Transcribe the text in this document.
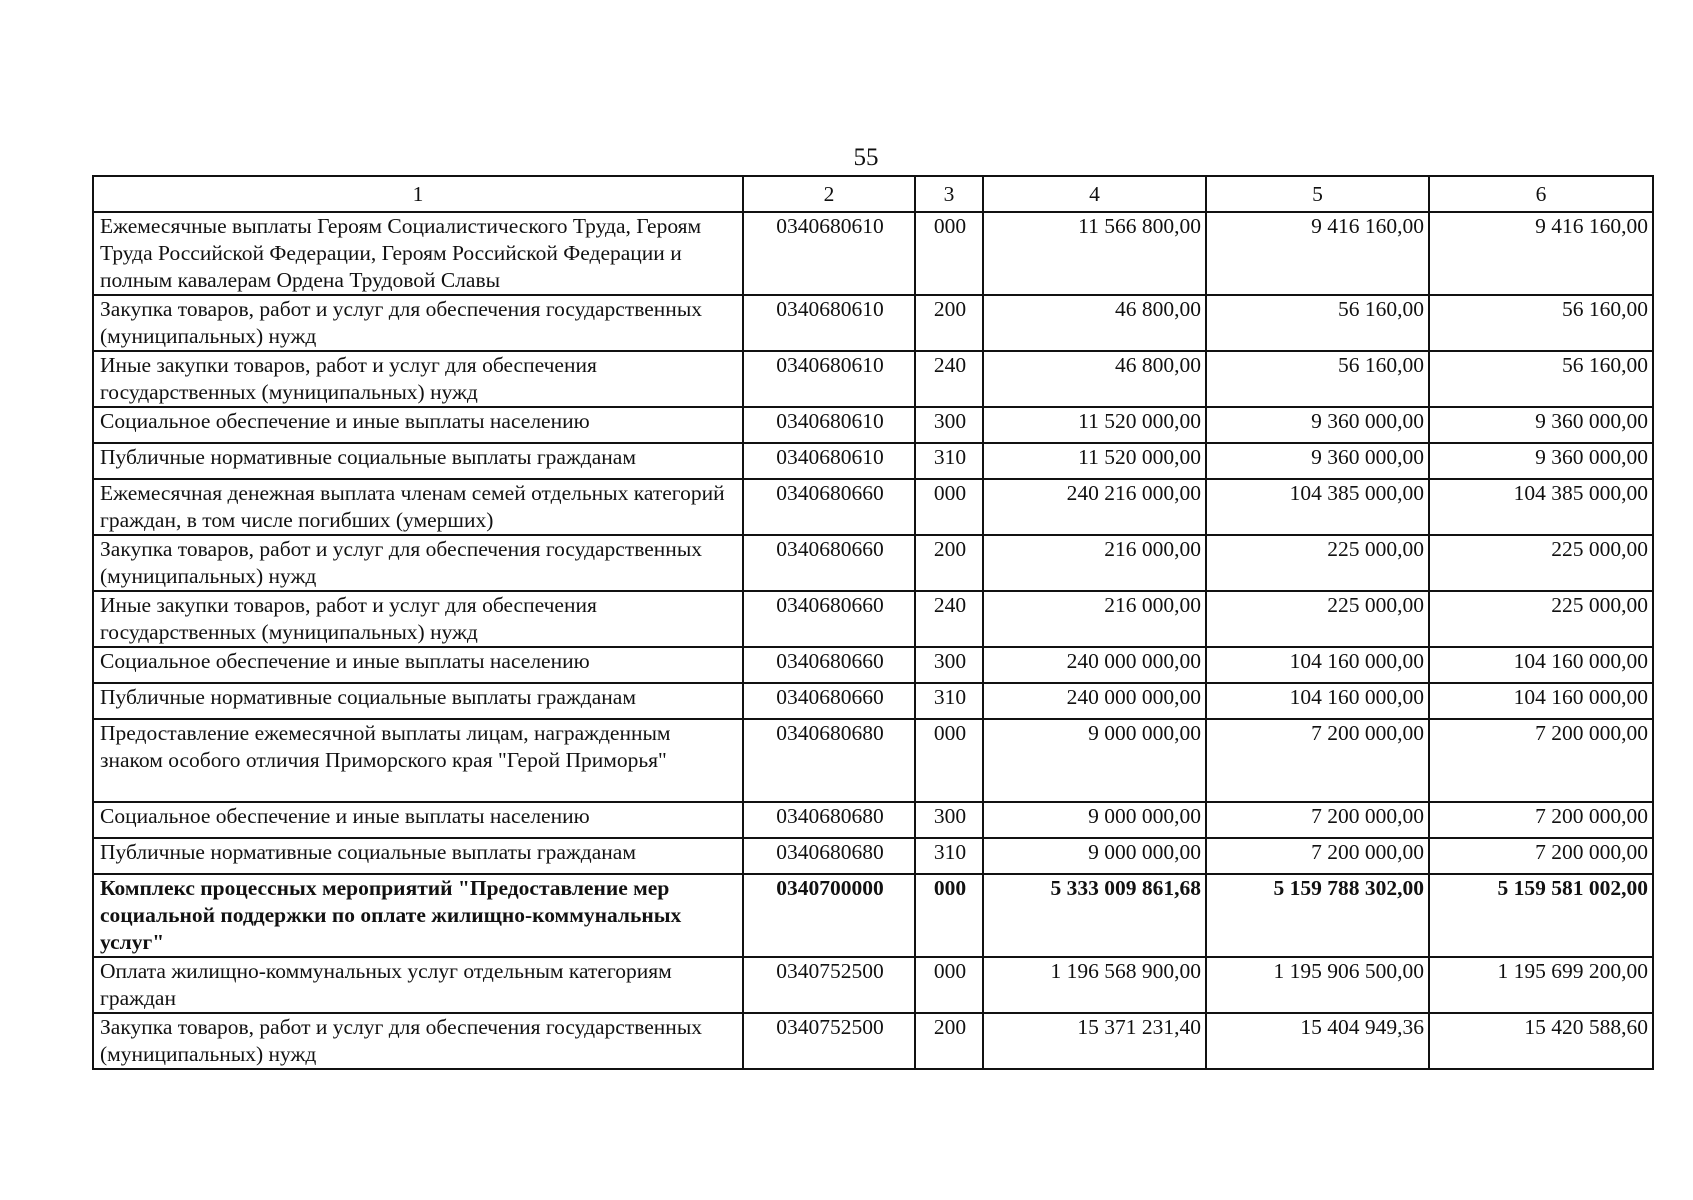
55
1	2	3	4	5	6
Ежемесячные выплаты Героям Социалистического Труда, Героям Труда Российской Федерации, Героям Российской Федерации и полным кавалерам Ордена Трудовой Славы	0340680610	000	11 566 800,00	9 416 160,00	9 416 160,00
Закупка товаров, работ и услуг для обеспечения государственных (муниципальных) нужд	0340680610	200	46 800,00	56 160,00	56 160,00
Иные закупки товаров, работ и услуг для обеспечения государственных (муниципальных) нужд	0340680610	240	46 800,00	56 160,00	56 160,00
Социальное обеспечение и иные выплаты населению	0340680610	300	11 520 000,00	9 360 000,00	9 360 000,00
Публичные нормативные социальные выплаты гражданам	0340680610	310	11 520 000,00	9 360 000,00	9 360 000,00
Ежемесячная денежная выплата членам семей отдельных категорий граждан, в том числе погибших (умерших)	0340680660	000	240 216 000,00	104 385 000,00	104 385 000,00
Закупка товаров, работ и услуг для обеспечения государственных (муниципальных) нужд	0340680660	200	216 000,00	225 000,00	225 000,00
Иные закупки товаров, работ и услуг для обеспечения государственных (муниципальных) нужд	0340680660	240	216 000,00	225 000,00	225 000,00
Социальное обеспечение и иные выплаты населению	0340680660	300	240 000 000,00	104 160 000,00	104 160 000,00
Публичные нормативные социальные выплаты гражданам	0340680660	310	240 000 000,00	104 160 000,00	104 160 000,00
Предоставление ежемесячной выплаты лицам, награжденным знаком особого отличия Приморского края "Герой Приморья"	0340680680	000	9 000 000,00	7 200 000,00	7 200 000,00
Социальное обеспечение и иные выплаты населению	0340680680	300	9 000 000,00	7 200 000,00	7 200 000,00
Публичные нормативные социальные выплаты гражданам	0340680680	310	9 000 000,00	7 200 000,00	7 200 000,00
Комплекс процессных мероприятий "Предоставление мер социальной поддержки по оплате жилищно-коммунальных услуг"	0340700000	000	5 333 009 861,68	5 159 788 302,00	5 159 581 002,00
Оплата жилищно-коммунальных услуг отдельным категориям граждан	0340752500	000	1 196 568 900,00	1 195 906 500,00	1 195 699 200,00
Закупка товаров, работ и услуг для обеспечения государственных (муниципальных) нужд	0340752500	200	15 371 231,40	15 404 949,36	15 420 588,60
